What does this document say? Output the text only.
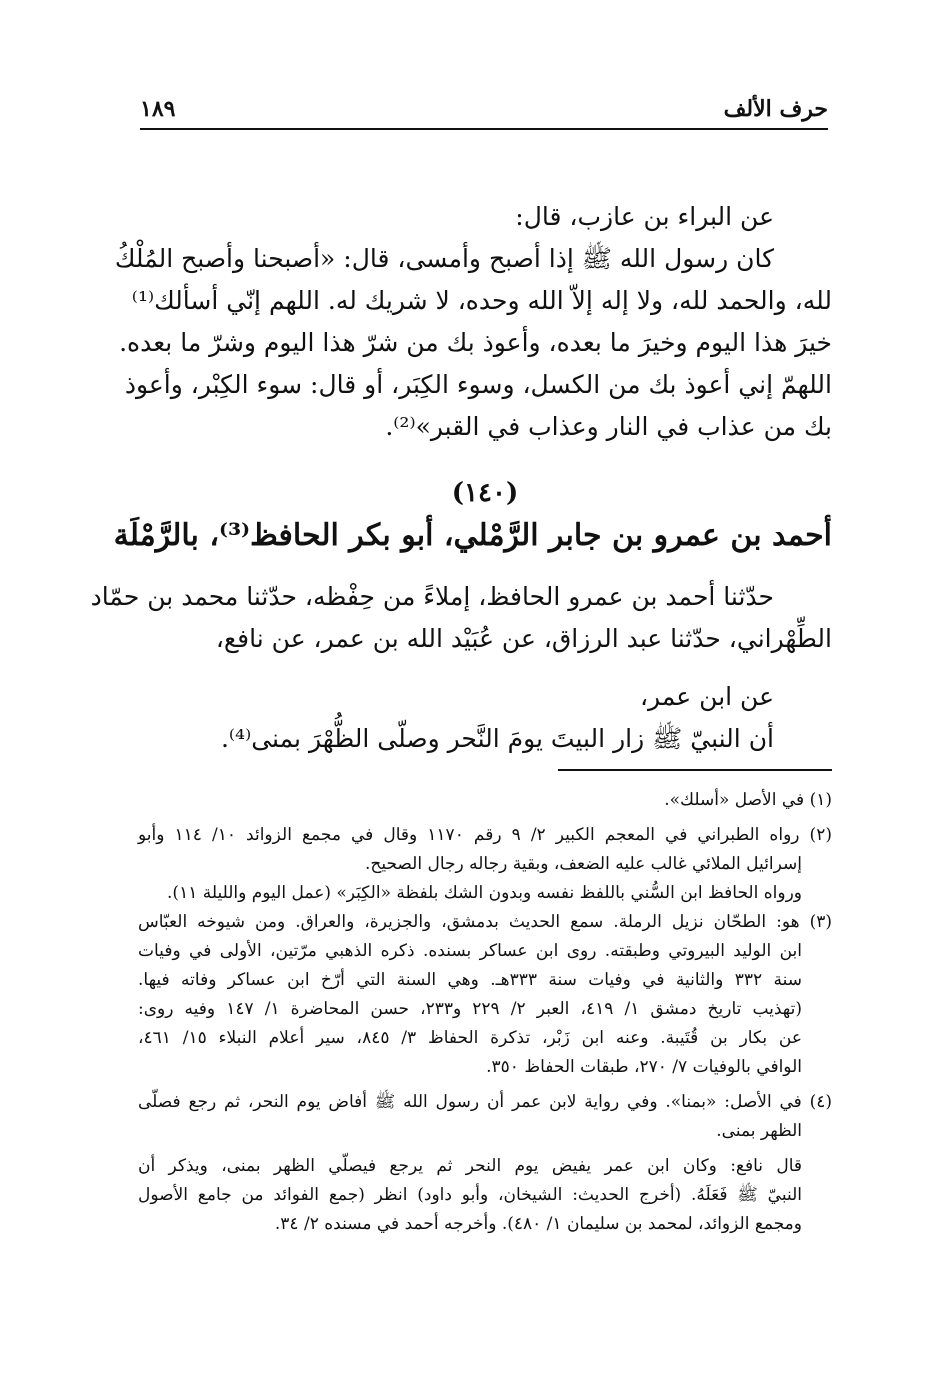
حرف الألف
١٨٩
عن البراء بن عازب، قال:
كان رسول الله ﷺ إذا أصبح وأمسى، قال: «أصبحنا وأصبح المُلْكُ
لله، والحمد لله، ولا إله إلاّ الله وحده، لا شريك له. اللهم إنّي أسألك⁽¹⁾
خيرَ هذا اليوم وخيرَ ما بعده، وأعوذ بك من شرّ هذا اليوم وشرّ ما بعده.
اللهمّ إني أعوذ بك من الكسل، وسوء الكِبَر، أو قال: سوء الكِبْر، وأعوذ
بك من عذاب في النار وعذاب في القبر»⁽²⁾.
(١٤٠)
أحمد بن عمرو بن جابر الرَّمْلي، أبو بكر الحافظ⁽³⁾، بالرَّمْلَة
حدّثنا أحمد بن عمرو الحافظ، إملاءً من حِفْظه، حدّثنا محمد بن حمّاد
الطِّهْراني، حدّثنا عبد الرزاق، عن عُبَيْد الله بن عمر، عن نافع،
عن ابن عمر،
أن النبيّ ﷺ زار البيتَ يومَ النَّحر وصلّى الظُّهْرَ بمنى⁽⁴⁾.
(١) في الأصل «أسلك».
(٢) رواه الطبراني في المعجم الكبير ٢/ ٩ رقم ١١٧٠ وقال في مجمع الزوائد ١٠/ ١١٤ وأبو
إسرائيل الملائي غالب عليه الضعف، وبقية رجاله رجال الصحيح.
ورواه الحافظ ابن السُّني باللفظ نفسه وبدون الشك بلفظة «الكِبَر» (عمل اليوم والليلة ١١).
(٣) هو: الطحّان نزيل الرملة. سمع الحديث بدمشق، والجزيرة، والعراق. ومن شيوخه العبّاس
ابن الوليد البيروتي وطبقته. روى ابن عساكر بسنده. ذكره الذهبي مرّتين، الأولى في وفيات
سنة ٣٣٢ والثانية في وفيات سنة ٣٣٣هـ. وهي السنة التي أرّخ ابن عساكر وفاته فيها.
(تهذيب تاريخ دمشق ١/ ٤١٩، العبر ٢/ ٢٢٩ و٢٣٣، حسن المحاضرة ١/ ١٤٧ وفيه روى:
عن بكار بن قُتَيبة. وعنه ابن زَبْر، تذكرة الحفاظ ٣/ ٨٤٥، سير أعلام النبلاء ١٥/ ٤٦١،
الوافي بالوفيات ٧/ ٢٧٠، طبقات الحفاظ ٣٥٠.
(٤) في الأصل: «بمنا». وفي رواية لابن عمر أن رسول الله ﷺ أفاض يوم النحر، ثم رجع فصلّى
الظهر بمنى.
قال نافع: وكان ابن عمر يفيض يوم النحر ثم يرجع فيصلّي الظهر بمنى، ويذكر أن
النبيّ ﷺ فَعَلَهُ. (أخرج الحديث: الشيخان، وأبو داود) انظر (جمع الفوائد من جامع الأصول
ومجمع الزوائد، لمحمد بن سليمان ١/ ٤٨٠). وأخرجه أحمد في مسنده ٢/ ٣٤.
